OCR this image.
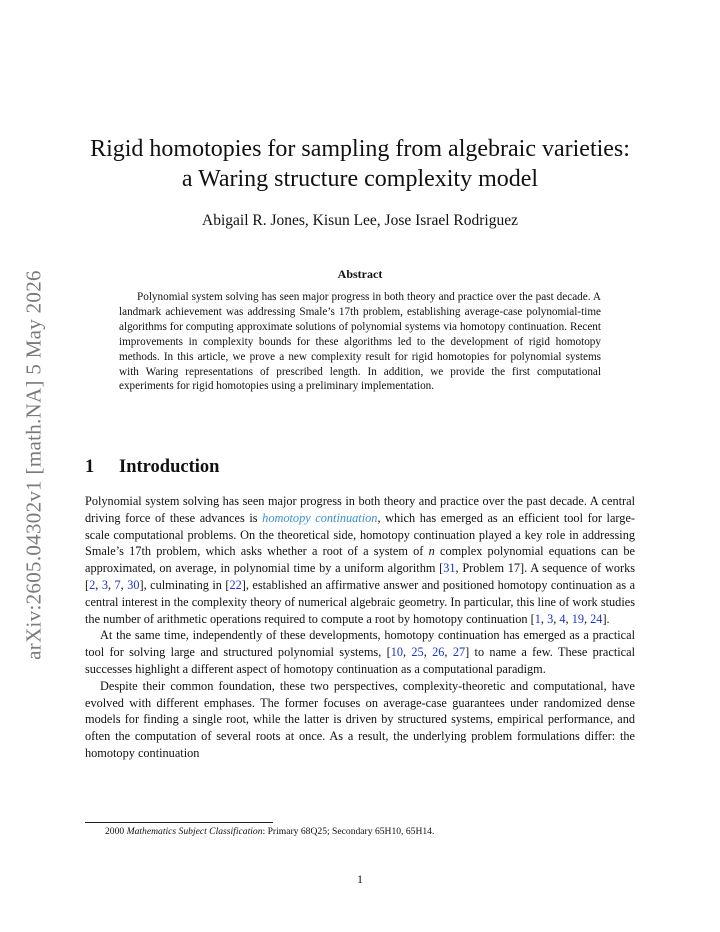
arXiv:2605.04302v1 [math.NA] 5 May 2026
Rigid homotopies for sampling from algebraic varieties:
a Waring structure complexity model
Abigail R. Jones, Kisun Lee, Jose Israel Rodriguez
Abstract

Polynomial system solving has seen major progress in both theory and practice over the past decade. A landmark achievement was addressing Smale’s 17th problem, establishing average-case polynomial-time algorithms for computing approximate solutions of polynomial systems via homotopy continuation. Recent improvements in complexity bounds for these algorithms led to the development of rigid homotopy methods. In this article, we prove a new complexity result for rigid homotopies for polynomial systems with Waring representations of prescribed length. In addition, we provide the first computational experiments for rigid homotopies using a preliminary implementation.

1 Introduction

Polynomial system solving has seen major progress in both theory and practice over the past decade. A central driving force of these advances is homotopy continuation, which has emerged as an efficient tool for large-scale computational problems. On the theoretical side, homotopy continuation played a key role in addressing Smale’s 17th problem, which asks whether a root of a system of n complex polynomial equations can be approximated, on average, in polynomial time by a uniform algorithm [31, Problem 17]. A sequence of works [2, 3, 7, 30], culminating in [22], established an affirmative answer and positioned homotopy continuation as a central interest in the complexity theory of numerical algebraic geometry. In particular, this line of work studies the number of arithmetic operations required to compute a root by homotopy continuation [1, 3, 4, 19, 24].

At the same time, independently of these developments, homotopy continuation has emerged as a practical tool for solving large and structured polynomial systems, [10, 25, 26, 27] to name a few. These practical successes highlight a different aspect of homotopy continuation as a computational paradigm.

Despite their common foundation, these two perspectives, complexity-theoretic and computational, have evolved with different emphases. The former focuses on average-case guarantees under randomized dense models for finding a single root, while the latter is driven by structured systems, empirical performance, and often the computation of several roots at once. As a result, the underlying problem formulations differ: the homotopy continuation

2000 Mathematics Subject Classification: Primary 68Q25; Secondary 65H10, 65H14.
1
